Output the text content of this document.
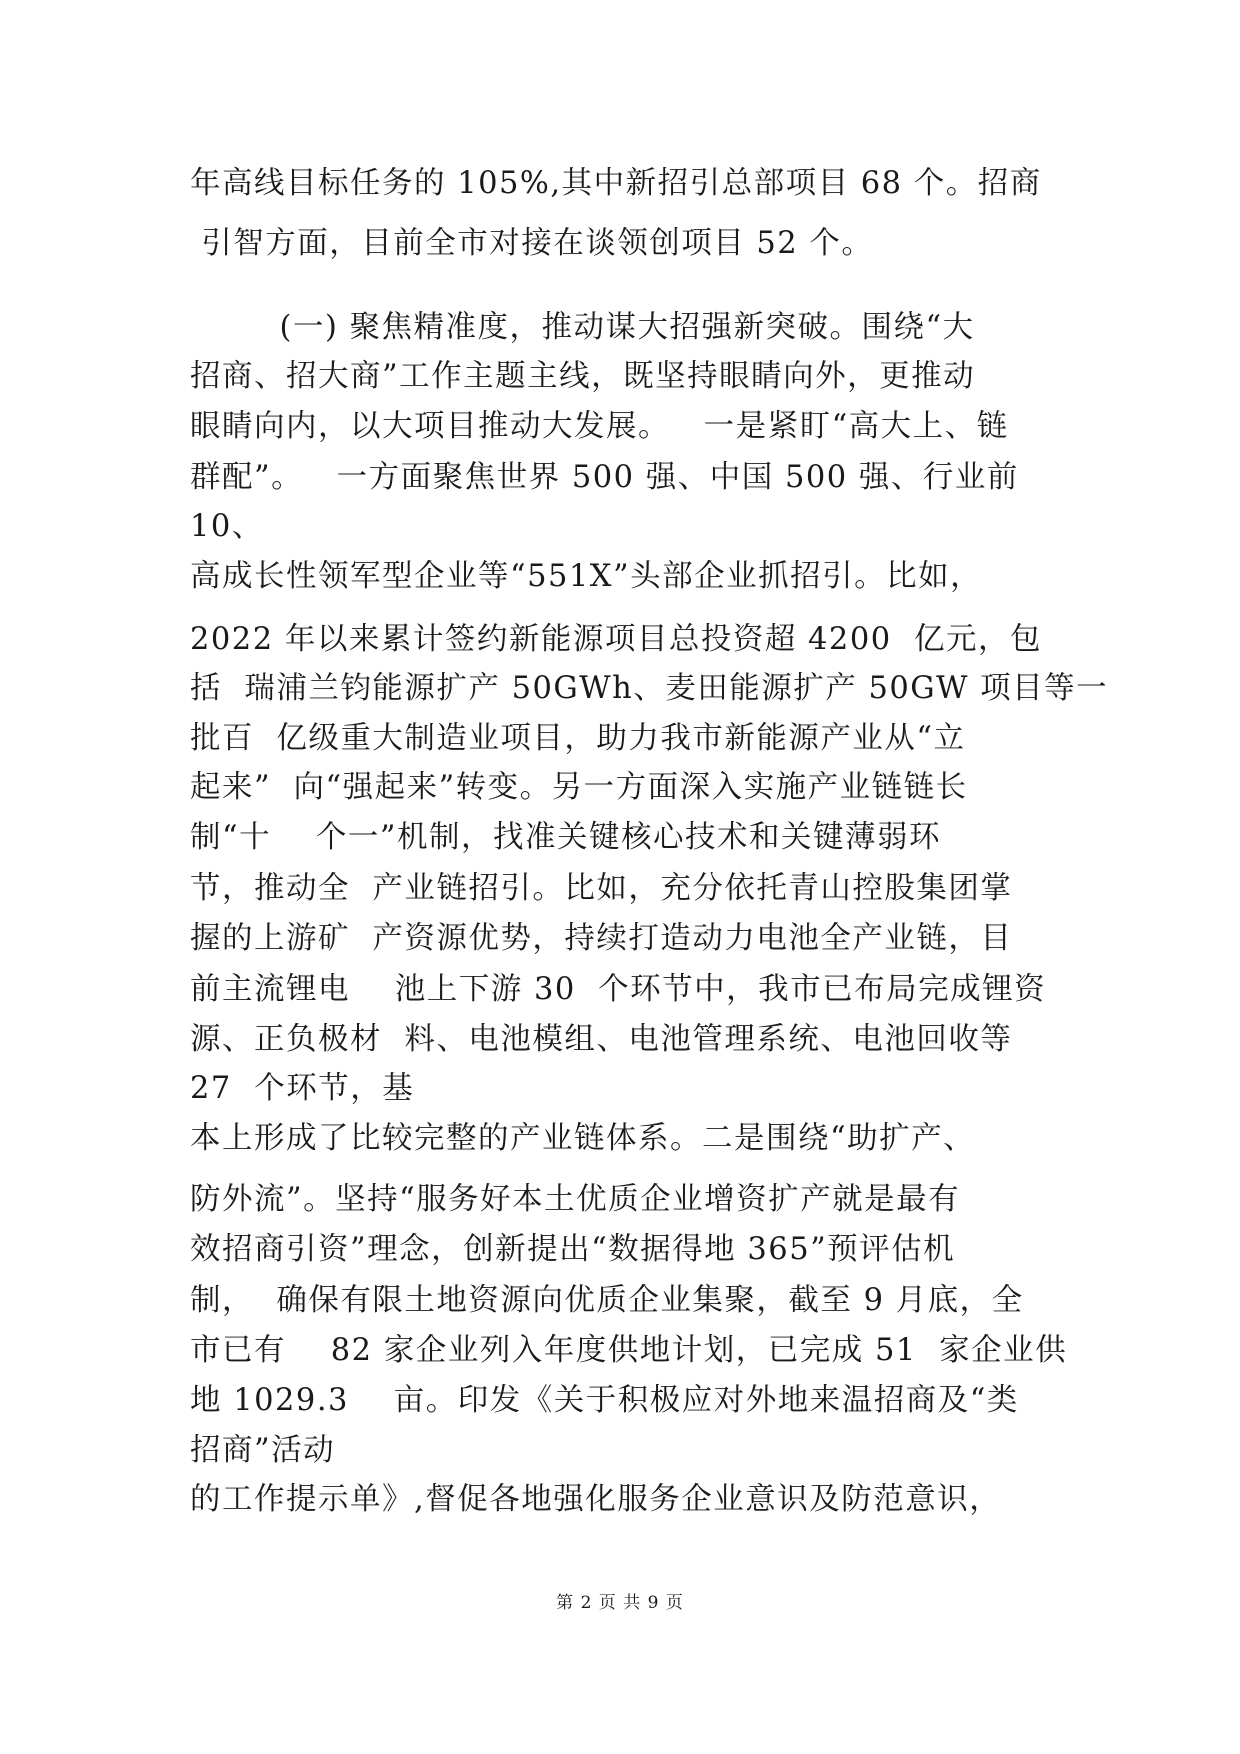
年高线目标任务的 105%,其中新招引总部项目 68 个。招商
引智方面，目前全市对接在谈领创项目 52 个。
(一) 聚焦精准度，推动谋大招强新突破。围绕“大
招商、招大商”工作主题主线，既坚持眼睛向外，更推动
眼睛向内，以大项目推动大发展。   一是紧盯“高大上、链
群配”。   一方面聚焦世界 500 强、中国 500 强、行业前
10、
高成长性领军型企业等“551X”头部企业抓招引。比如，
2022 年以来累计签约新能源项目总投资超 4200  亿元，包
括  瑞浦兰钧能源扩产 50GWh、麦田能源扩产 50GW 项目等一
批百  亿级重大制造业项目，助力我市新能源产业从“立
起来”  向“强起来”转变。另一方面深入实施产业链链长
制“十    个一”机制，找准关键核心技术和关键薄弱环
节，推动全  产业链招引。比如，充分依托青山控股集团掌
握的上游矿  产资源优势，持续打造动力电池全产业链，目
前主流锂电    池上下游 30  个环节中，我市已布局完成锂资
源、正负极材  料、电池模组、电池管理系统、电池回收等
27  个环节，基
本上形成了比较完整的产业链体系。二是围绕“助扩产、
防外流”。坚持“服务好本土优质企业增资扩产就是最有
效招商引资”理念，创新提出“数据得地 365”预评估机
制，  确保有限土地资源向优质企业集聚，截至 9 月底，全
市已有    82 家企业列入年度供地计划，已完成 51  家企业供
地 1029.3    亩。印发《关于积极应对外地来温招商及“类
招商”活动
的工作提示单》,督促各地强化服务企业意识及防范意识，
第 2 页 共 9 页
